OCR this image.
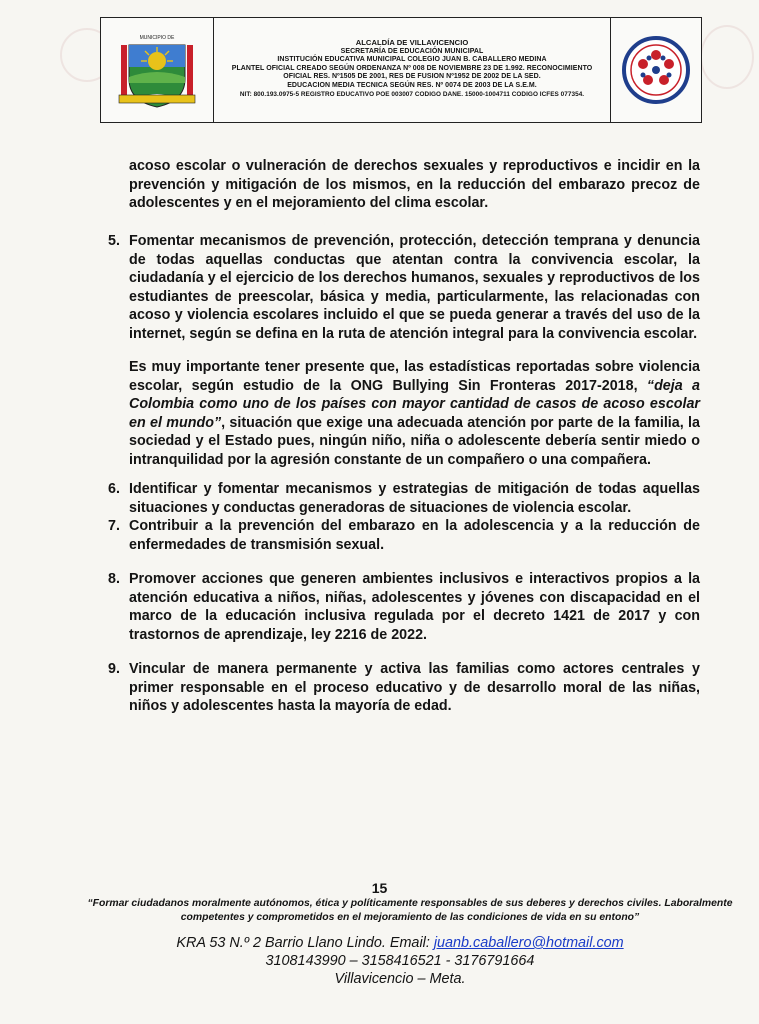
MUNICIPIO DE	ALCALDÍA DE VILLAVICENCIO
SECRETARÍA DE EDUCACIÓN MUNICIPAL
INSTITUCIÓN EDUCATIVA MUNICIPAL COLEGIO JUAN B. CABALLERO MEDINA
PLANTEL OFICIAL CREADO SEGÚN ORDENANZA Nº 008 DE NOVIEMBRE 23 DE 1.992. RECONOCIMIENTO
OFICIAL RES. Nº1505 DE 2001, RES DE FUSION Nº1952 DE 2002 DE LA SED.
EDUCACION MEDIA TECNICA SEGÚN RES. Nº 0074 DE 2003 DE LA S.E.M.
NIT: 800.193.0975-5 REGISTRO EDUCATIVO POE 003007 CODIGO DANE. 15000-1004711 CODIGO ICFES 077354.
acoso escolar o vulneración de derechos sexuales y reproductivos e incidir en la prevención y mitigación de los mismos, en la reducción del embarazo precoz de adolescentes y en el mejoramiento del clima escolar.
5. Fomentar mecanismos de prevención, protección, detección temprana y denuncia de todas aquellas conductas que atentan contra la convivencia escolar, la ciudadanía y el ejercicio de los derechos humanos, sexuales y reproductivos de los estudiantes de preescolar, básica y media, particularmente, las relacionadas con acoso y violencia escolares incluido el que se pueda generar a través del uso de la internet, según se defina en la ruta de atención integral para la convivencia escolar.
Es muy importante tener presente que, las estadísticas reportadas sobre violencia escolar, según estudio de la ONG Bullying Sin Fronteras 2017-2018, “deja a Colombia como uno de los países con mayor cantidad de casos de acoso escolar en el mundo”, situación que exige una adecuada atención por parte de la familia, la sociedad y el Estado pues, ningún niño, niña o adolescente debería sentir miedo o intranquilidad por la agresión constante de un compañero o una compañera.
6. Identificar y fomentar mecanismos y estrategias de mitigación de todas aquellas situaciones y conductas generadoras de situaciones de violencia escolar.
7. Contribuir a la prevención del embarazo en la adolescencia y a la reducción de enfermedades de transmisión sexual.
8. Promover acciones que generen ambientes inclusivos e interactivos propios a la atención educativa a niños, niñas, adolescentes y jóvenes con discapacidad en el marco de la educación inclusiva regulada por el decreto 1421 de 2017 y con trastornos de aprendizaje, ley 2216 de 2022.
9. Vincular de manera permanente y activa las familias como actores centrales y primer responsable en el proceso educativo y de desarrollo moral de las niñas, niños y adolescentes hasta la mayoría de edad.
15
“Formar ciudadanos moralmente autónomos, ética y políticamente responsables de sus deberes y derechos civiles. Laboralmente competentes y comprometidos en el mejoramiento de las condiciones de vida en su entono”
KRA 53 N.º 2 Barrio Llano Lindo. Email: juanb.caballero@hotmail.com
3108143990 – 3158416521 - 3176791664
Villavicencio – Meta.
